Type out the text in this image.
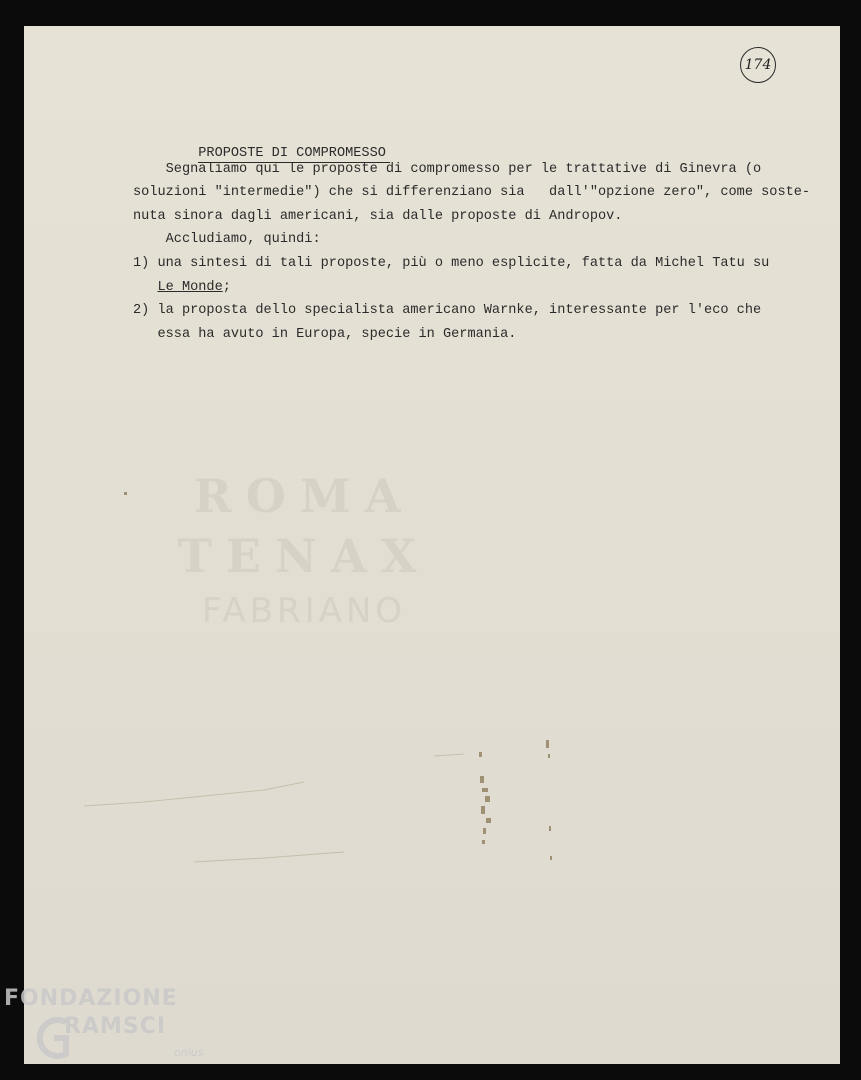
174
ROMA
TENAX
FABRIANO

PROPOSTE DI COMPROMESSO

Segnaliamo qui le proposte di compromesso per le trattative di Ginevra (o
soluzioni "intermedie") che si differenziano sia   dall'"opzione zero", come soste-
nuta sinora dagli americani, sia dalle proposte di Andropov.
Accludiamo, quindi:
1) una sintesi di tali proposte, più o meno esplicite, fatta da Michel Tatu su
Le Monde;
2) la proposta dello specialista americano Warnke, interessante per l'eco che
essa ha avuto in Europa, specie in Germania.
FONDAZIONE
RAMSCI
onlus
